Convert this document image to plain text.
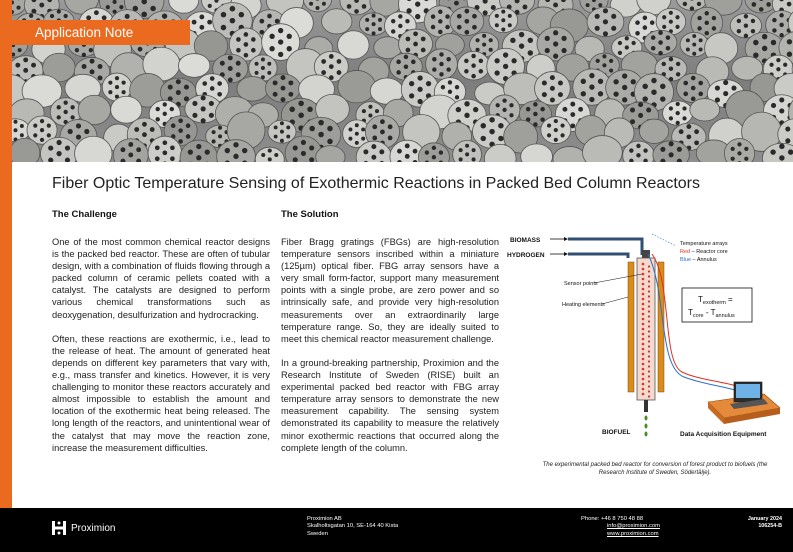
Application Note
Fiber Optic Temperature Sensing of Exothermic Reactions in Packed Bed Column Reactors
The Challenge

One of the most common chemical reactor designs is the packed bed reactor. These are often of tubular design, with a combination of fluids flowing through a packed column of ceramic pellets coated with a catalyst. The catalysts are designed to perform various chemical transformations such as deoxygenation, desulfurization and hydrocracking.

Often, these reactions are exothermic, i.e., lead to the release of heat. The amount of generated heat depends on different key parameters that vary with, e.g., mass transfer and kinetics. However, it is very challenging to monitor these reactors accurately and almost impossible to establish the amount and location of the exothermic heat being released. The long length of the reactors, and unintentional wear of the catalyst that may move the reaction zone, increase the measurement difficulties.

The Solution

Fiber Bragg gratings (FBGs) are high-resolution temperature sensors inscribed within a miniature (125µm) optical fiber. FBG array sensors have a very small form-factor, support many measurement points with a single probe, are zero power and so intrinsically safe, and provide very high-resolution measurements over an extraordinarily large temperature range. So, they are ideally suited to meet this chemical reactor measurement challenge.

In a ground-breaking partnership, Proximion and the Research Institute of Sweden (RISE) built an experimental packed bed reactor with FBG array temperature array sensors to demonstrate the new measurement capability. The sensing system demonstrated its capability to measure the relatively minor exothermic reactions that occurred along the complete length of the column.

BIOMASS
HYDROGEN
BIOFUEL
Sensor points
Heating elements
Temperature arrays
Red – Reactor core
Blue – Annulus
$T_{exotherm}$ =
$T_{core} - T_{annulus}$
Data Acquisition Equipment
The experimental packed bed reactor for conversion of forest product to biofuels (the Research Institute of Sweden, Södertälje).
Proximion
Proximion AB
Skalholtsgatan 10, SE-164 40 Kista
Sweden
Phone: +46 8 750 48 88
info@proximion.com
www.proximion.com
January 2024
106254-B
